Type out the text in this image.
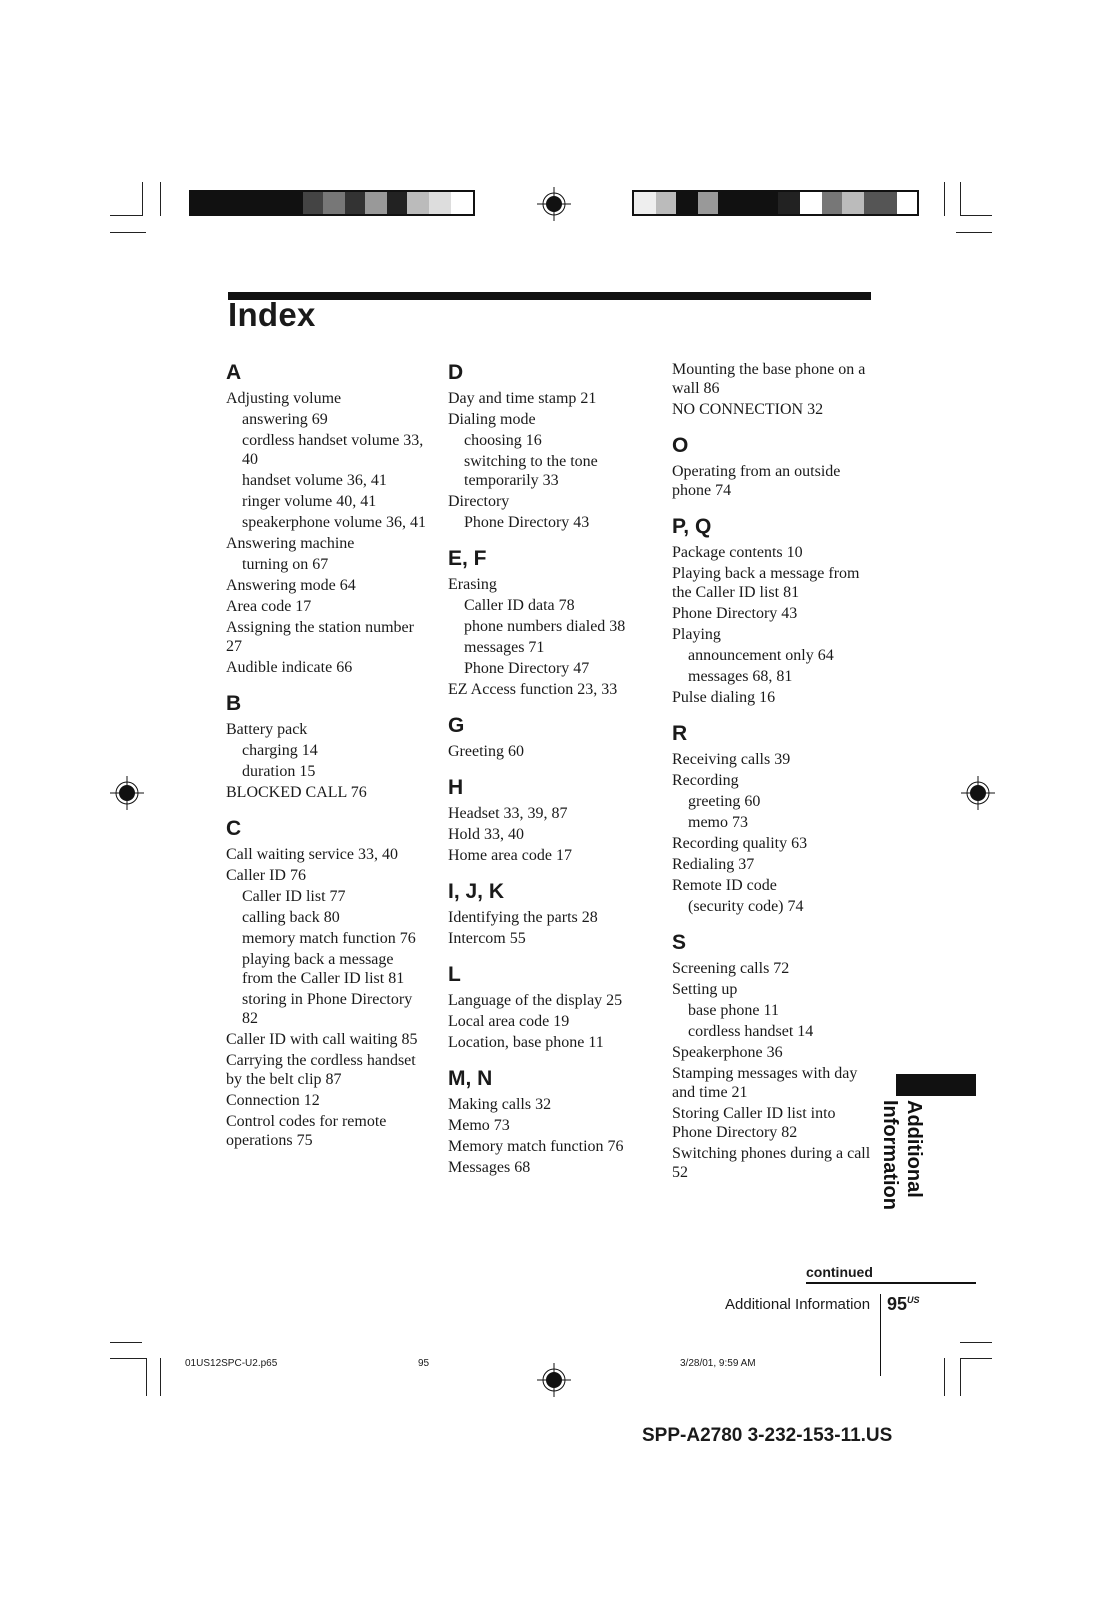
Index
A
Adjusting volume
answering 69
cordless handset volume 33, 40
handset volume 36, 41
ringer volume 40, 41
speakerphone volume 36, 41
Answering machine
turning on 67
Answering mode 64
Area code 17
Assigning the station number 27
Audible indicate 66
B
Battery pack
charging 14
duration 15
BLOCKED CALL 76
C
Call waiting service 33, 40
Caller ID 76
Caller ID list 77
calling back 80
memory match function 76
playing back a message from the Caller ID list 81
storing in Phone Directory 82
Caller ID with call waiting 85
Carrying the cordless handset by the belt clip 87
Connection 12
Control codes for remote operations 75
D
Day and time stamp 21
Dialing mode
choosing 16
switching to the tone temporarily 33
Directory
Phone Directory 43
E, F
Erasing
Caller ID data 78
phone numbers dialed 38
messages 71
Phone Directory 47
EZ Access function 23, 33
G
Greeting 60
H
Headset 33, 39, 87
Hold 33, 40
Home area code 17
I, J, K
Identifying the parts 28
Intercom 55
L
Language of the display 25
Local area code 19
Location, base phone 11
M, N
Making calls 32
Memo 73
Memory match function 76
Messages 68
Mounting the base phone on a wall 86
NO CONNECTION 32
O
Operating from an outside phone 74
P, Q
Package contents 10
Playing back a message from the Caller ID list 81
Phone Directory 43
Playing
announcement only 64
messages 68, 81
Pulse dialing 16
R
Receiving calls 39
Recording
greeting 60
memo 73
Recording quality 63
Redialing 37
Remote ID code
(security code) 74
S
Screening calls 72
Setting up
base phone 11
cordless handset 14
Speakerphone 36
Stamping messages with day and time 21
Storing Caller ID list into Phone Directory 82
Switching phones during a call 52	Additional
Information
continued
Additional Information $95^{US}$
01US12SPC-U2.p65	95	3/28/01, 9:59 AM
SPP-A2780 3-232-153-11.US
